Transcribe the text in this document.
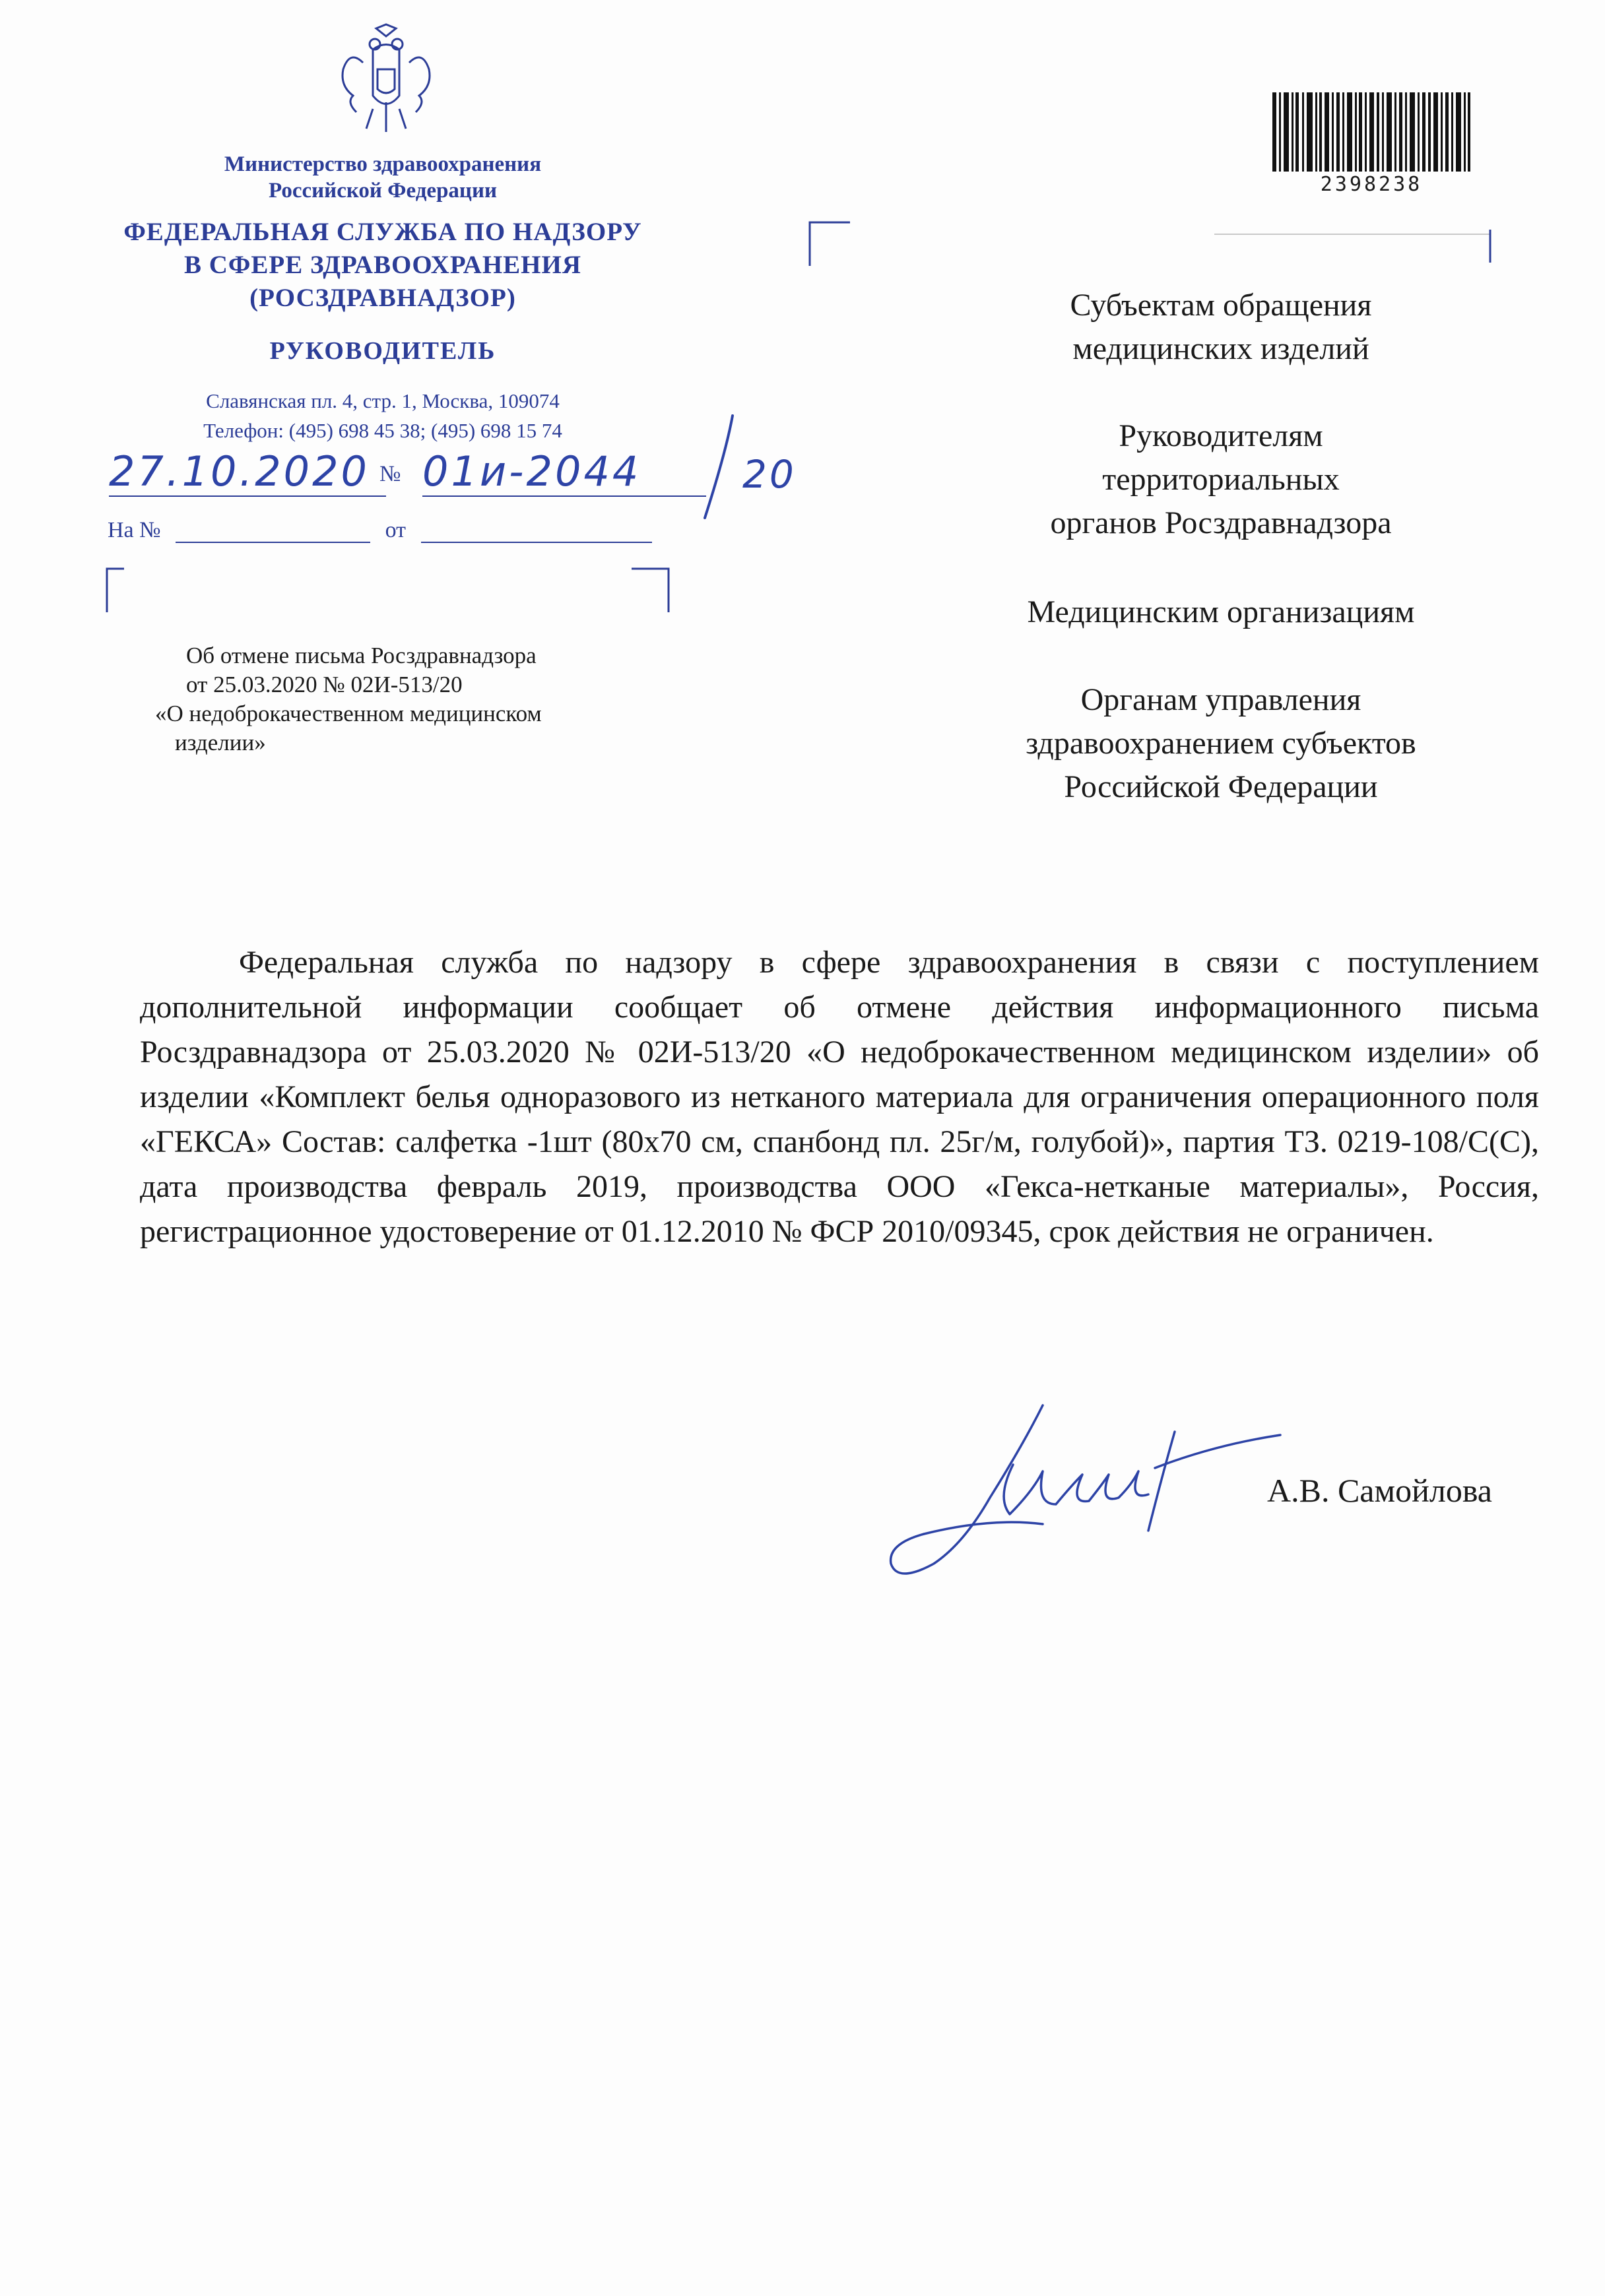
Министерство здравоохранения
Российской Федерации
ФЕДЕРАЛЬНАЯ СЛУЖБА ПО НАДЗОРУ
В СФЕРЕ ЗДРАВООХРАНЕНИЯ
(РОСЗДРАВНАДЗОР)
РУКОВОДИТЕЛЬ
Славянская пл. 4, стр. 1, Москва, 109074
Телефон: (495) 698 45 38; (495) 698 15 74
27.10.2020 № 01и-2044	20
На №	от
Об отмене письма Росздравнадзора
от 25.03.2020 № 02И-513/20
«О недоброкачественном медицинском
изделии»
2398238
Субъектам обращения
медицинских изделий
Руководителям
территориальных
органов Росздравнадзора
Медицинским организациям
Органам управления
здравоохранением субъектов
Российской Федерации
Федеральная служба по надзору в сфере здравоохранения в связи с поступлением дополнительной информации сообщает об отмене действия информационного письма Росздравнадзора от 25.03.2020 № 02И-513/20 «О недоброкачественном медицинском изделии» об изделии «Комплект белья одноразового из нетканого материала для ограничения операционного поля «ГЕКСА» Состав: салфетка -1шт (80х70 см, спанбонд пл. 25г/м, голубой)», партия ТЗ. 0219-108/С(С), дата производства февраль 2019, производства ООО «Гекса-нетканые материалы», Россия, регистрационное удостоверение от 01.12.2010 № ФСР 2010/09345, срок действия не ограничен.
А.В. Самойлова
